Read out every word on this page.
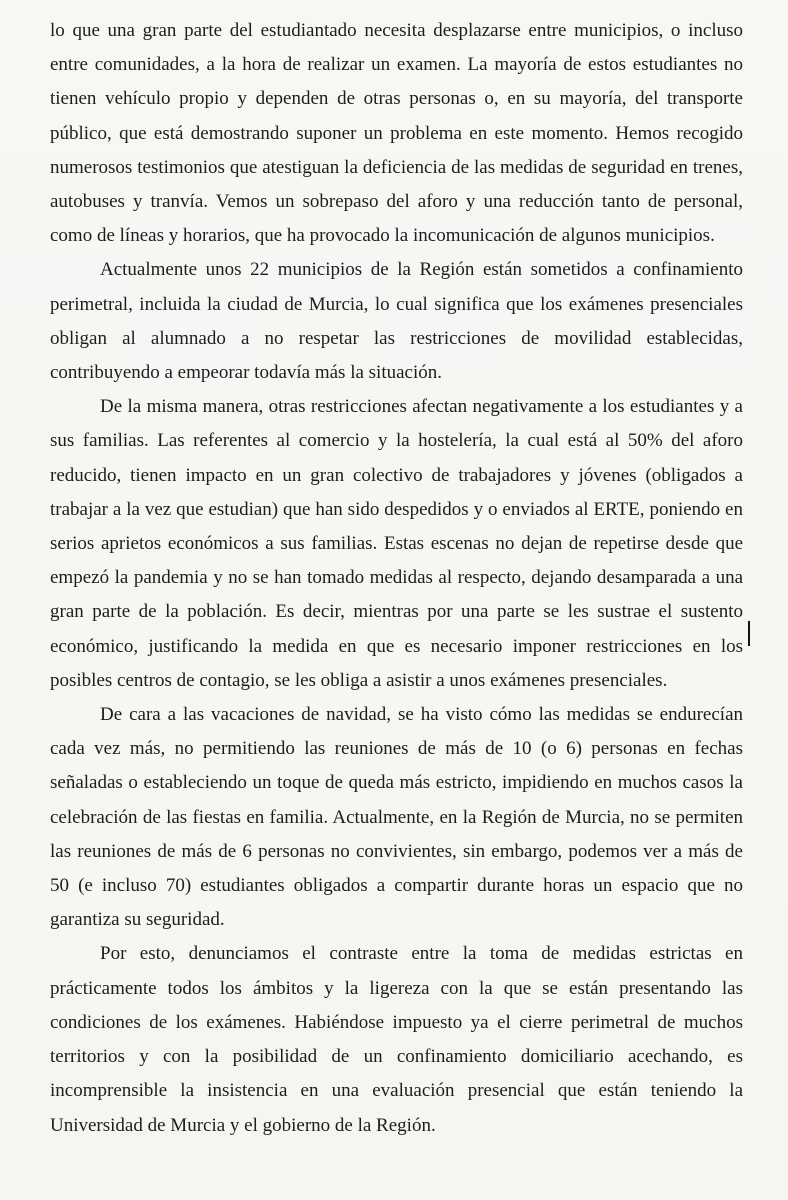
lo que una gran parte del estudiantado necesita desplazarse entre municipios, o incluso entre comunidades, a la hora de realizar un examen. La mayoría de estos estudiantes no tienen vehículo propio y dependen de otras personas o, en su mayoría, del transporte público, que está demostrando suponer un problema en este momento. Hemos recogido numerosos testimonios que atestiguan la deficiencia de las medidas de seguridad en trenes, autobuses y tranvía. Vemos un sobrepaso del aforo y una reducción tanto de personal, como de líneas y horarios, que ha provocado la incomunicación de algunos municipios.

Actualmente unos 22 municipios de la Región están sometidos a confinamiento perimetral, incluida la ciudad de Murcia, lo cual significa que los exámenes presenciales obligan al alumnado a no respetar las restricciones de movilidad establecidas, contribuyendo a empeorar todavía más la situación.

De la misma manera, otras restricciones afectan negativamente a los estudiantes y a sus familias. Las referentes al comercio y la hostelería, la cual está al 50% del aforo reducido, tienen impacto en un gran colectivo de trabajadores y jóvenes (obligados a trabajar a la vez que estudian) que han sido despedidos y o enviados al ERTE, poniendo en serios aprietos económicos a sus familias. Estas escenas no dejan de repetirse desde que empezó la pandemia y no se han tomado medidas al respecto, dejando desamparada a una gran parte de la población. Es decir, mientras por una parte se les sustrae el sustento económico, justificando la medida en que es necesario imponer restricciones en los posibles centros de contagio, se les obliga a asistir a unos exámenes presenciales.

De cara a las vacaciones de navidad, se ha visto cómo las medidas se endurecían cada vez más, no permitiendo las reuniones de más de 10 (o 6) personas en fechas señaladas o estableciendo un toque de queda más estricto, impidiendo en muchos casos la celebración de las fiestas en familia. Actualmente, en la Región de Murcia, no se permiten las reuniones de más de 6 personas no convivientes, sin embargo, podemos ver a más de 50 (e incluso 70) estudiantes obligados a compartir durante horas un espacio que no garantiza su seguridad.

Por esto, denunciamos el contraste entre la toma de medidas estrictas en prácticamente todos los ámbitos y la ligereza con la que se están presentando las condiciones de los exámenes. Habiéndose impuesto ya el cierre perimetral de muchos territorios y con la posibilidad de un confinamiento domiciliario acechando, es incomprensible la insistencia en una evaluación presencial que están teniendo la Universidad de Murcia y el gobierno de la Región.
